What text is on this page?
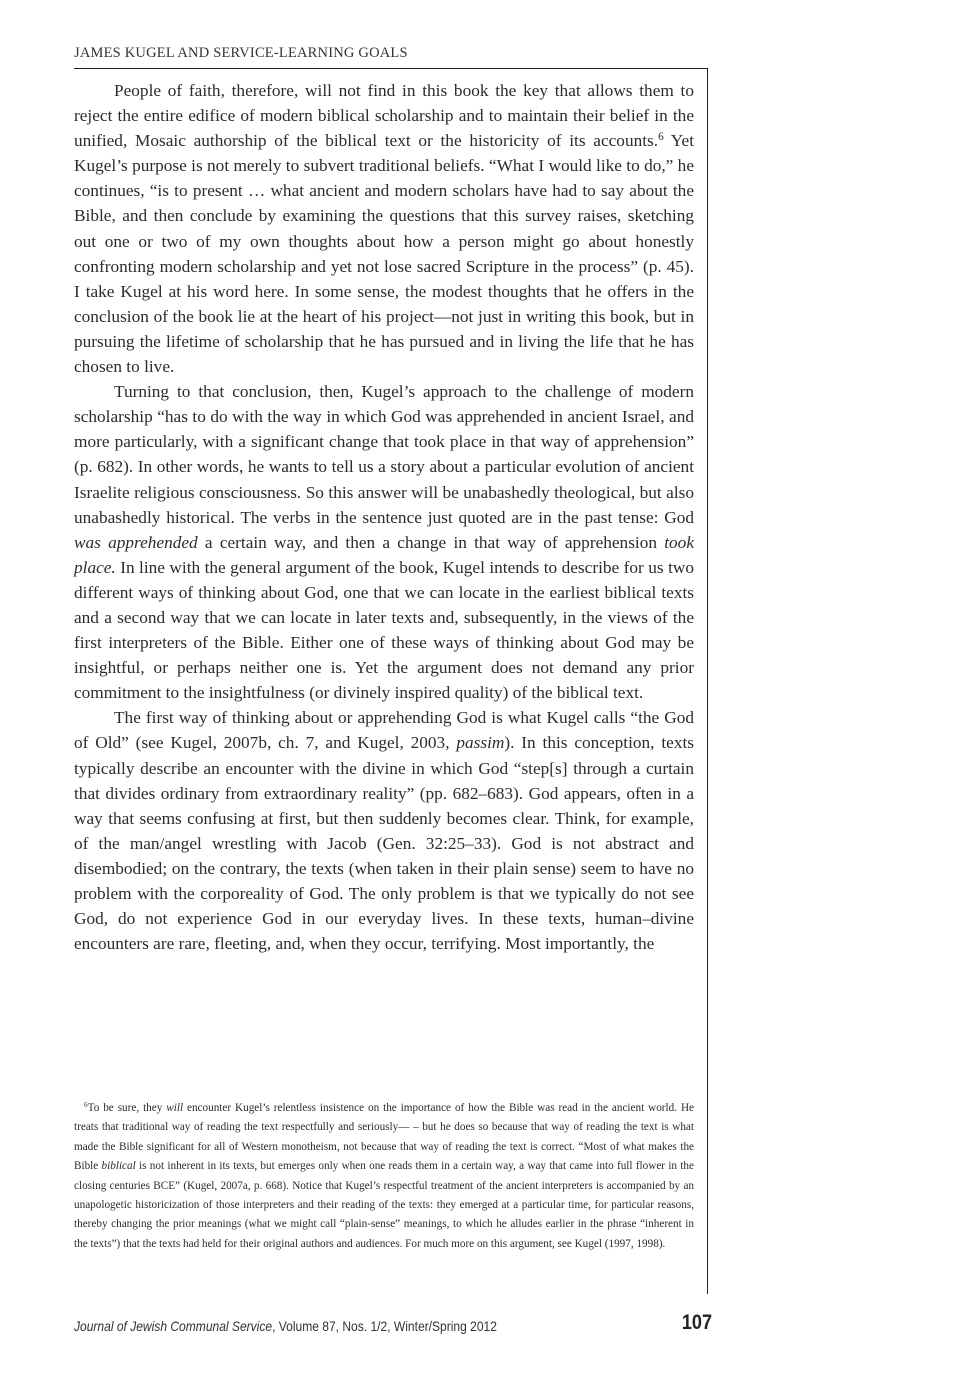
JAMES KUGEL AND SERVICE-LEARNING GOALS

People of faith, therefore, will not find in this book the key that allows them to reject the entire edifice of modern biblical scholarship and to maintain their belief in the unified, Mosaic authorship of the biblical text or the historicity of its accounts.$^6$ Yet Kugel’s purpose is not merely to subvert traditional beliefs. “What I would like to do,” he continues, “is to present … what ancient and modern scholars have had to say about the Bible, and then conclude by examining the questions that this survey raises, sketching out one or two of my own thoughts about how a person might go about honestly confronting modern scholarship and yet not lose sacred Scripture in the process” (p. 45). I take Kugel at his word here. In some sense, the modest thoughts that he offers in the conclusion of the book lie at the heart of his project—not just in writing this book, but in pursuing the lifetime of scholarship that he has pursued and in living the life that he has chosen to live.

Turning to that conclusion, then, Kugel’s approach to the challenge of modern scholarship “has to do with the way in which God was apprehended in ancient Israel, and more particularly, with a significant change that took place in that way of apprehension” (p. 682). In other words, he wants to tell us a story about a particular evolution of ancient Israelite religious consciousness. So this answer will be unabashedly theological, but also unabashedly historical. The verbs in the sentence just quoted are in the past tense: God was apprehended a certain way, and then a change in that way of apprehension took place. In line with the general argument of the book, Kugel intends to describe for us two different ways of thinking about God, one that we can locate in the earliest biblical texts and a second way that we can locate in later texts and, subsequently, in the views of the first interpreters of the Bible. Either one of these ways of thinking about God may be insightful, or perhaps neither one is. Yet the argument does not demand any prior commitment to the insightfulness (or divinely inspired quality) of the biblical text.

The first way of thinking about or apprehending God is what Kugel calls “the God of Old” (see Kugel, 2007b, ch. 7, and Kugel, 2003, passim). In this conception, texts typically describe an encounter with the divine in which God “step[s] through a curtain that divides ordinary from extraordinary reality” (pp. 682–683). God appears, often in a way that seems confusing at first, but then suddenly becomes clear. Think, for example, of the man/angel wrestling with Jacob (Gen. 32:25–33). God is not abstract and disembodied; on the contrary, the texts (when taken in their plain sense) seem to have no problem with the corporeality of God. The only problem is that we typically do not see God, do not experience God in our everyday lives. In these texts, human–divine encounters are rare, fleeting, and, when they occur, terrifying. Most importantly, the

$^6$To be sure, they will encounter Kugel’s relentless insistence on the importance of how the Bible was read in the ancient world. He treats that traditional way of reading the text respectfully and seriously— – but he does so because that way of reading the text is what made the Bible significant for all of Western monotheism, not because that way of reading the text is correct. “Most of what makes the Bible biblical is not inherent in its texts, but emerges only when one reads them in a certain way, a way that came into full flower in the closing centuries BCE” (Kugel, 2007a, p. 668). Notice that Kugel’s respectful treatment of the ancient interpreters is accompanied by an unapologetic historicization of those interpreters and their reading of the texts: they emerged at a particular time, for particular reasons, thereby changing the prior meanings (what we might call “plain-sense” meanings, to which he alludes earlier in the phrase “inherent in the texts”) that the texts had held for their original authors and audiences. For much more on this argument, see Kugel (1997, 1998).

Journal of Jewish Communal Service, Volume 87, Nos. 1/2, Winter/Spring 2012	107
